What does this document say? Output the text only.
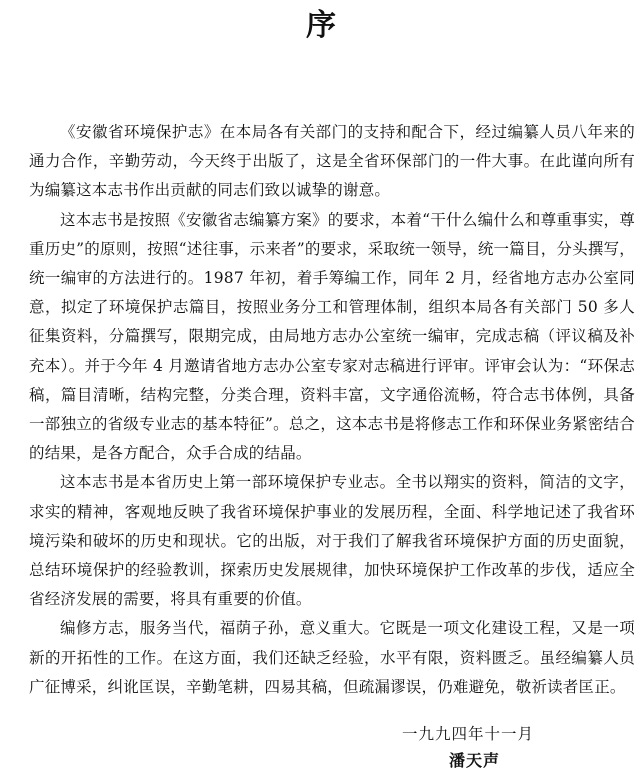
序

《安徽省环境保护志》在本局各有关部门的支持和配合下，经过编纂人员八年来的通力合作，辛勤劳动，今天终于出版了，这是全省环保部门的一件大事。在此谨向所有为编纂这本志书作出贡献的同志们致以诚挚的谢意。

这本志书是按照《安徽省志编纂方案》的要求，本着“干什么编什么和尊重事实，尊重历史”的原则，按照“述往事，示来者”的要求，采取统一领导，统一篇目，分头撰写，统一编审的方法进行的。1987 年初，着手筹编工作，同年 2 月，经省地方志办公室同意，拟定了环境保护志篇目，按照业务分工和管理体制，组织本局各有关部门 50 多人征集资料，分篇撰写，限期完成，由局地方志办公室统一编审，完成志稿（评议稿及补充本）。并于今年 4 月邀请省地方志办公室专家对志稿进行评审。评审会认为：“环保志稿，篇目清晰，结构完整，分类合理，资料丰富，文字通俗流畅，符合志书体例，具备一部独立的省级专业志的基本特征”。总之，这本志书是将修志工作和环保业务紧密结合的结果，是各方配合，众手合成的结晶。

这本志书是本省历史上第一部环境保护专业志。全书以翔实的资料，简洁的文字，求实的精神，客观地反映了我省环境保护事业的发展历程，全面、科学地记述了我省环境污染和破坏的历史和现状。它的出版，对于我们了解我省环境保护方面的历史面貌，总结环境保护的经验教训，探索历史发展规律，加快环境保护工作改革的步伐，适应全省经济发展的需要，将具有重要的价值。

编修方志，服务当代，福荫子孙，意义重大。它既是一项文化建设工程，又是一项新的开拓性的工作。在这方面，我们还缺乏经验，水平有限，资料匮乏。虽经编纂人员广征博采，纠讹匡误，辛勤笔耕，四易其稿，但疏漏谬误，仍难避免，敬祈读者匡正。

一九九四年十一月
潘天声
